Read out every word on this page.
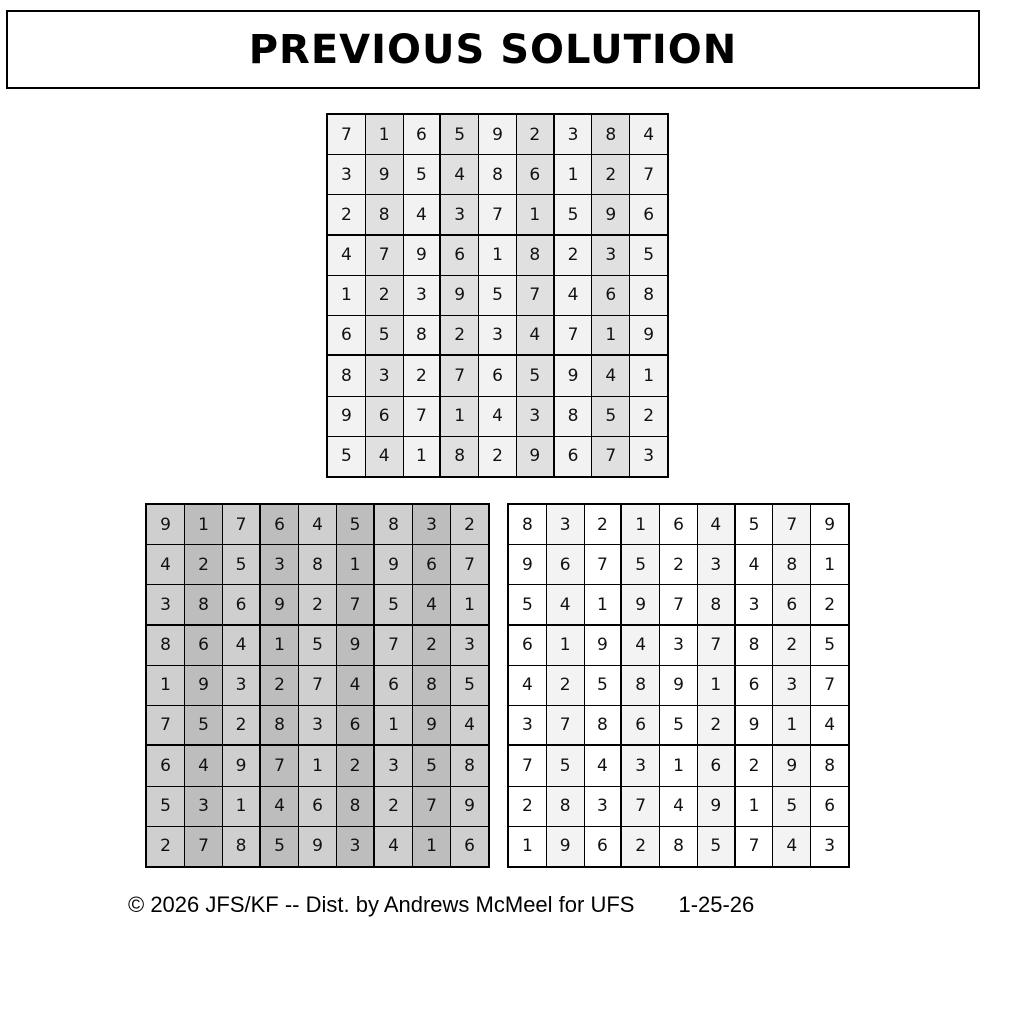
PREVIOUS SOLUTION
7	1	6	5	9	2	3	8	4
3	9	5	4	8	6	1	2	7
2	8	4	3	7	1	5	9	6
4	7	9	6	1	8	2	3	5
1	2	3	9	5	7	4	6	8
6	5	8	2	3	4	7	1	9
8	3	2	7	6	5	9	4	1
9	6	7	1	4	3	8	5	2
5	4	1	8	2	9	6	7	3
9	1	7	6	4	5	8	3	2
4	2	5	3	8	1	9	6	7
3	8	6	9	2	7	5	4	1
8	6	4	1	5	9	7	2	3
1	9	3	2	7	4	6	8	5
7	5	2	8	3	6	1	9	4
6	4	9	7	1	2	3	5	8
5	3	1	4	6	8	2	7	9
2	7	8	5	9	3	4	1	6
8	3	2	1	6	4	5	7	9
9	6	7	5	2	3	4	8	1
5	4	1	9	7	8	3	6	2
6	1	9	4	3	7	8	2	5
4	2	5	8	9	1	6	3	7
3	7	8	6	5	2	9	1	4
7	5	4	3	1	6	2	9	8
2	8	3	7	4	9	1	5	6
1	9	6	2	8	5	7	4	3
© 2026 JFS/KF -- Dist. by Andrews McMeel for UFS 1-25-26
